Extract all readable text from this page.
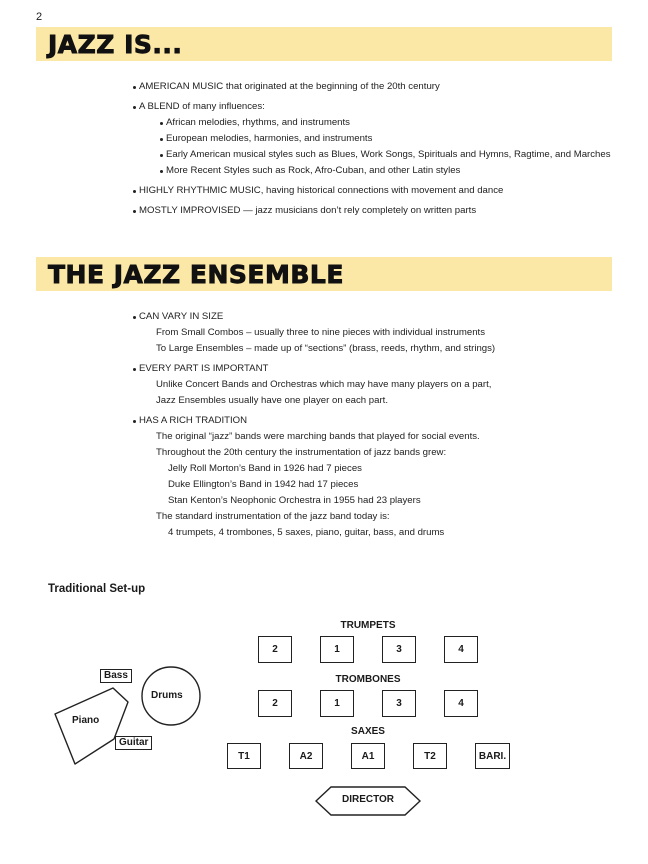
2
JAZZ IS...
AMERICAN MUSIC that originated at the beginning of the 20th century
A BLEND of many influences:
African melodies, rhythms, and instruments
European melodies, harmonies, and instruments
Early American musical styles such as Blues, Work Songs, Spirituals and Hymns, Ragtime, and Marches
More Recent Styles such as Rock, Afro-Cuban, and other Latin styles
HIGHLY RHYTHMIC MUSIC, having historical connections with movement and dance
MOSTLY IMPROVISED — jazz musicians don’t rely completely on written parts
THE JAZZ ENSEMBLE
CAN VARY IN SIZE
From Small Combos – usually three to nine pieces with individual instruments
To Large Ensembles – made up of “sections” (brass, reeds, rhythm, and strings)
EVERY PART IS IMPORTANT
Unlike Concert Bands and Orchestras which may have many players on a part,
Jazz Ensembles usually have one player on each part.
HAS A RICH TRADITION
The original “jazz” bands were marching bands that played for social events.
Throughout the 20th century the instrumentation of jazz bands grew:
Jelly Roll Morton’s Band in 1926 had 7 pieces
Duke Ellington’s Band in 1942 had 17 pieces
Stan Kenton’s Neophonic Orchestra in 1955 had 23 players
The standard instrumentation of the jazz band today is:
4 trumpets, 4 trombones, 5 saxes, piano, guitar, bass, and drums
Traditional Set-up
TRUMPETS
2	1	3	4
TROMBONES
2	1	3	4
SAXES
T1	A2	A1	T2	BARI.
DIRECTOR
Bass
Drums
Piano
Guitar
